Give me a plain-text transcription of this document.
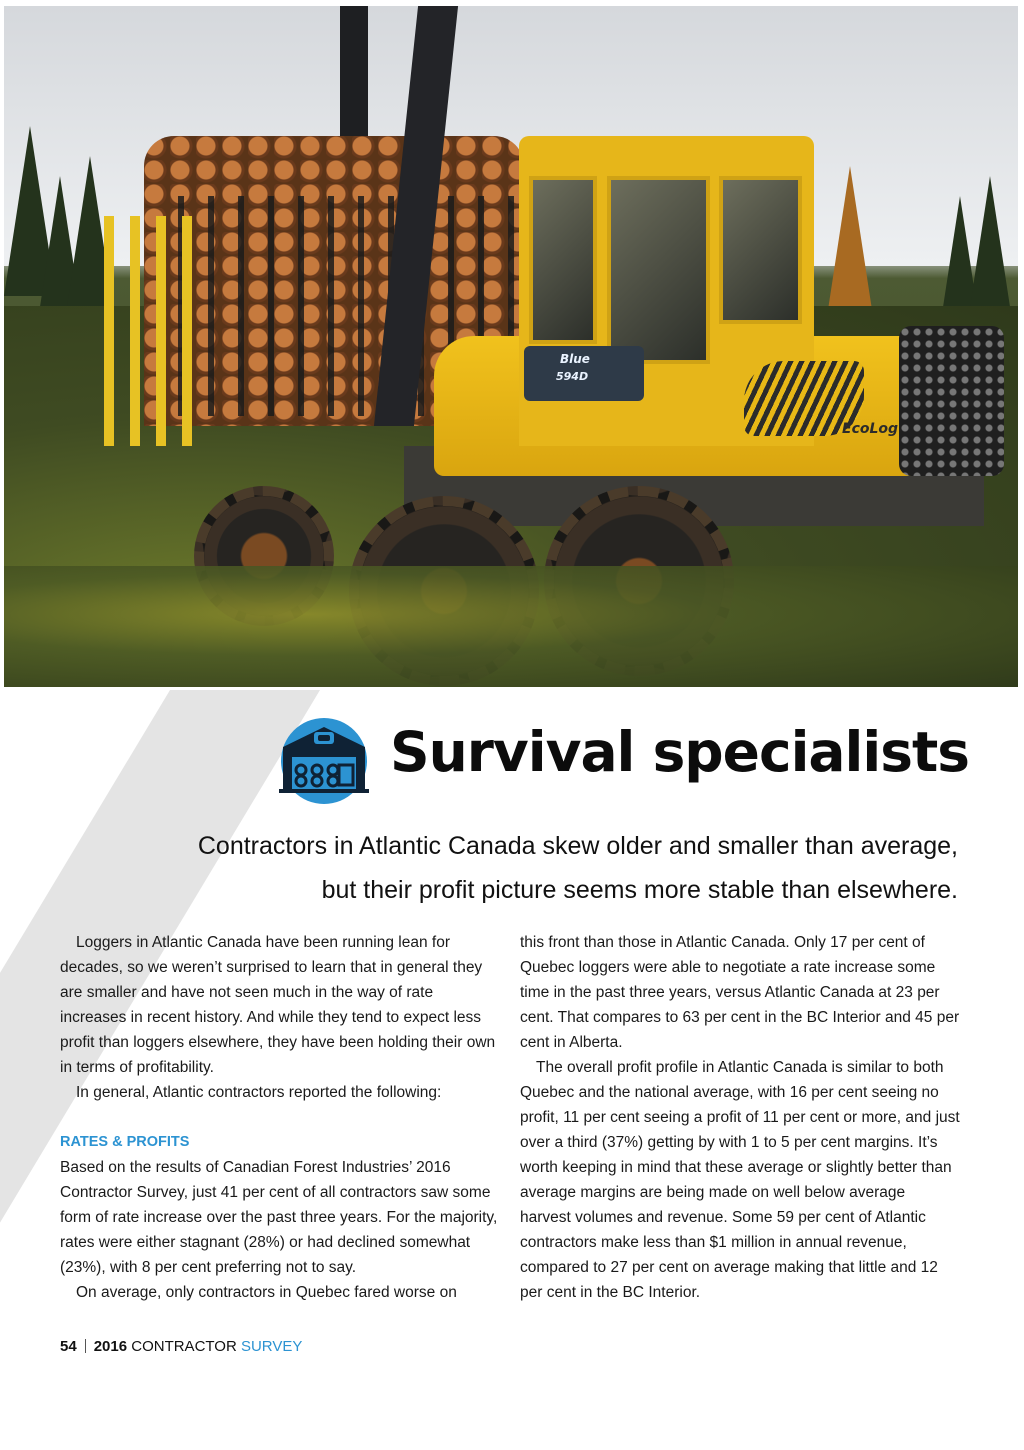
Blue
594D
EcoLog
Survival specialists
Contractors in Atlantic Canada skew older and smaller than average,
but their profit picture seems more stable than elsewhere.

Loggers in Atlantic Canada have been running lean for decades, so we weren’t surprised to learn that in general they are smaller and have not seen much in the way of rate increases in recent history. And while they tend to expect less profit than loggers elsewhere, they have been holding their own in terms of profitability.

In general, Atlantic contractors reported the following:

RATES & PROFITS

Based on the results of Canadian Forest Industries’ 2016 Contractor Survey, just 41 per cent of all contractors saw some form of rate increase over the past three years. For the majority, rates were either stagnant (28%) or had declined somewhat (23%), with 8 per cent preferring not to say.

On average, only contractors in Quebec fared worse on

this front than those in Atlantic Canada. Only 17 per cent of Quebec loggers were able to negotiate a rate increase some time in the past three years, versus Atlantic Canada at 23 per cent. That compares to 63 per cent in the BC Interior and 45 per cent in Alberta.

The overall profit profile in Atlantic Canada is similar to both Quebec and the national average, with 16 per cent seeing no profit, 11 per cent seeing a profit of 11 per cent or more, and just over a third (37%) getting by with 1 to 5 per cent margins. It’s worth keeping in mind that these average or slightly better than average margins are being made on well below average harvest volumes and revenue. Some 59 per cent of Atlantic contractors make less than $1 million in annual revenue, compared to 27 per cent on average making that little and 12 per cent in the BC Interior.

54 2016 CONTRACTOR SURVEY
